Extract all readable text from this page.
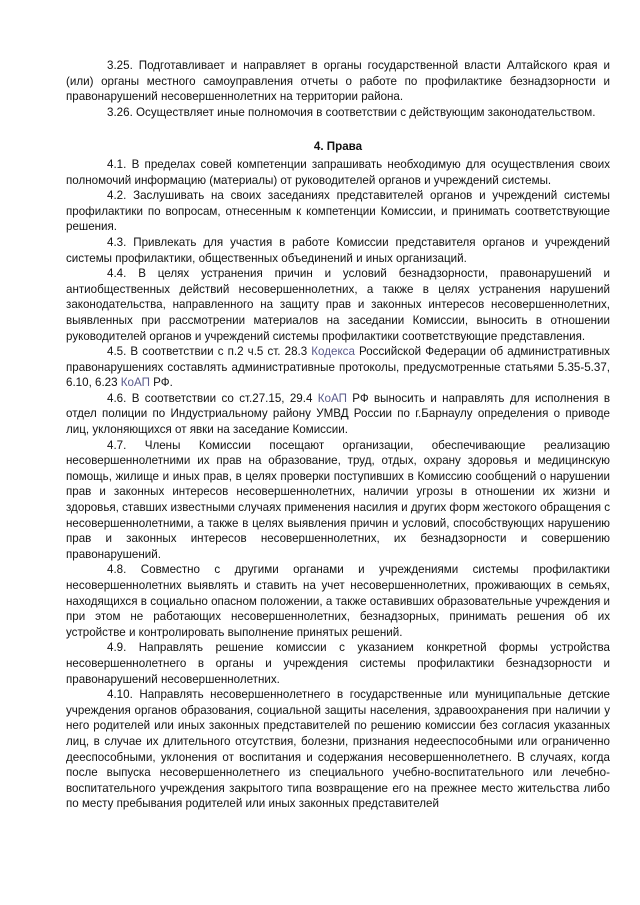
3.25. Подготавливает и направляет в органы государственной власти Алтайского края и (или) органы местного самоуправления отчеты о работе по профилактике безнадзорности и правонарушений несовершеннолетних на территории района.

3.26. Осуществляет иные полномочия в соответствии с действующим законодательством.

4. Права

4.1. В пределах совей компетенции запрашивать необходимую для осуществления своих полномочий информацию (материалы) от руководителей органов и учреждений системы.

4.2. Заслушивать на своих заседаниях представителей органов и учреждений системы профилактики по вопросам, отнесенным к компетенции Комиссии, и принимать соответствующие решения.

4.3. Привлекать для участия в работе Комиссии представителя органов и учреждений системы профилактики, общественных объединений и иных организаций.

4.4. В целях устранения причин и условий безнадзорности, правонарушений и антиобщественных действий несовершеннолетних, а также в целях устранения нарушений законодательства, направленного на защиту прав и законных интересов несовершеннолетних, выявленных при рассмотрении материалов на заседании Комиссии, выносить в отношении руководителей органов и учреждений системы профилактики соответствующие представления.

4.5. В соответствии с п.2 ч.5 ст. 28.3 Кодекса Российской Федерации об административных правонарушениях составлять административные протоколы, предусмотренные статьями 5.35-5.37, 6.10, 6.23 КоАП РФ.

4.6. В соответствии со ст.27.15, 29.4 КоАП РФ выносить и направлять для исполнения в отдел полиции по Индустриальному району УМВД России по г.Барнаулу определения о приводе лиц, уклоняющихся от явки на заседание Комиссии.

4.7. Члены Комиссии посещают организации, обеспечивающие реализацию несовершеннолетними их прав на образование, труд, отдых, охрану здоровья и медицинскую помощь, жилище и иных прав, в целях проверки поступивших в Комиссию сообщений о нарушении прав и законных интересов несовершеннолетних, наличии угрозы в отношении их жизни и здоровья, ставших известными случаях применения насилия и других форм жестокого обращения с несовершеннолетними, а также в целях выявления причин и условий, способствующих нарушению прав и законных интересов несовершеннолетних, их безнадзорности и совершению правонарушений.

4.8. Совместно с другими органами и учреждениями системы профилактики несовершеннолетних выявлять и ставить на учет несовершеннолетних, проживающих в семьях, находящихся в социально опасном положении, а также оставивших образовательные учреждения и при этом не работающих несовершеннолетних, безнадзорных, принимать решения об их устройстве и контролировать выполнение принятых решений.

4.9. Направлять решение комиссии с указанием конкретной формы устройства несовершеннолетнего в органы и учреждения системы профилактики безнадзорности и правонарушений несовершеннолетних.

4.10. Направлять несовершеннолетнего в государственные или муниципальные детские учреждения органов образования, социальной защиты населения, здравоохранения при наличии у него родителей или иных законных представителей по решению комиссии без согласия указанных лиц, в случае их длительного отсутствия, болезни, признания недееспособными или ограниченно дееспособными, уклонения от воспитания и содержания несовершеннолетнего. В случаях, когда после выпуска несовершеннолетнего из специального учебно-воспитательного или лечебно-воспитательного учреждения закрытого типа возвращение его на прежнее место жительства либо по месту пребывания родителей или иных законных представителей
